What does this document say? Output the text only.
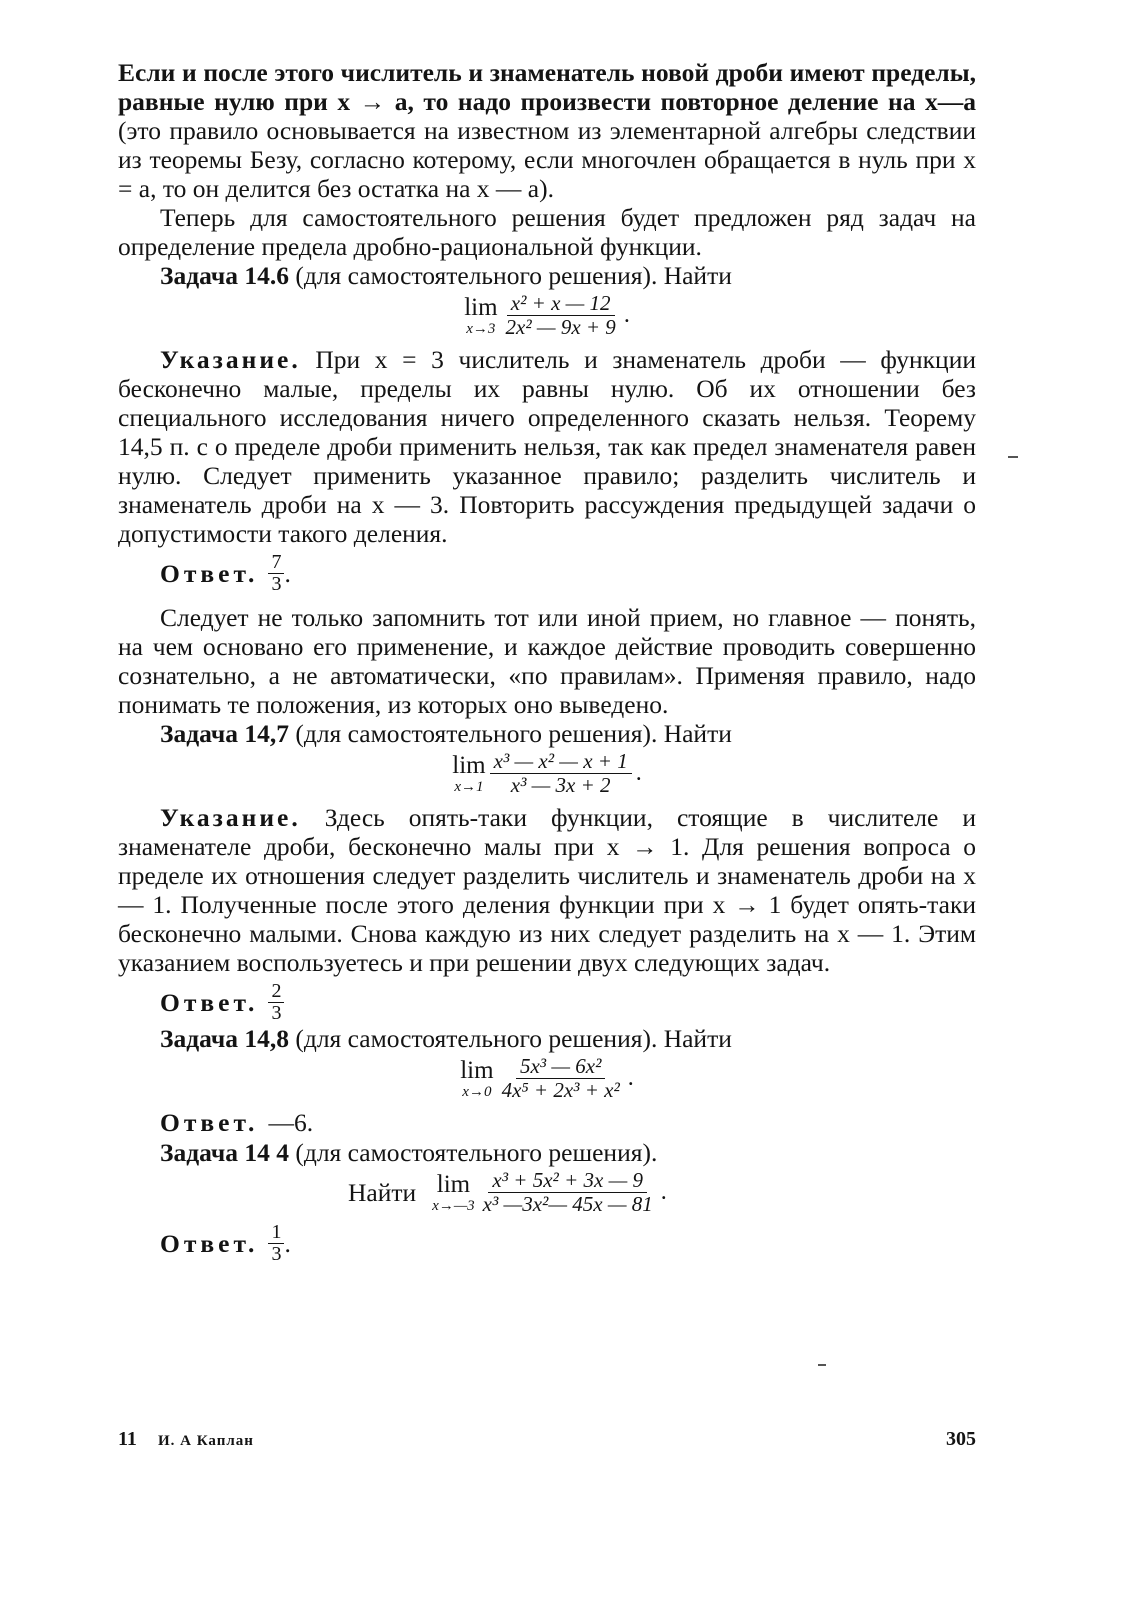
Если и после этого числитель и знаменатель новой дроби имеют пределы, равные нулю при x → a, то надо произвести повторное деление на x—a (это правило основывается на известном из элементарной алгебры следствии из теоремы Безу, согласно котерому, если многочлен обращается в нуль при x = a, то он делится без остатка на x — a).

Теперь для самостоятельного решения будет предложен ряд задач на определение предела дробно-рациональной функции.

Задача 14.6 (для самостоятельного решения). Найти

lim
$x\to 3 \frac{\text{x² + x — 12}}{\text{2x² — 9x + 9}}$ .

Указание. При x = 3 числитель и знаменатель дроби — функции бесконечно малые, пределы их равны нулю. Об их отношении без специального исследования ничего определенного сказать нельзя. Теорему 14,5 п. c о пределе дроби применить нельзя, так как предел знаменателя равен нулю. Следует применить указанное правило; разделить числитель и знаменатель дроби на x — 3. Повторить рассуждения предыдущей задачи о допустимости такого деления.

Ответ. $\frac{7}{3}$ .

Следует не только запомнить тот или иной прием, но главное — понять, на чем основано его применение, и каждое действие проводить совершенно сознательно, а не автоматически, «по правилам». Применяя правило, надо понимать те положения, из которых оно выведено.

Задача 14,7 (для самостоятельного решения). Найти

lim
$x\to 1 \frac{\text{x³ — x² — x + 1}}{\text{x³ — 3x + 2}}$ .

Указание. Здесь опять-таки функции, стоящие в числителе и знаменателе дроби, бесконечно малы при x → 1. Для решения вопроса о пределе их отношения следует разделить числитель и знаменатель дроби на x — 1. Полученные после этого деления функции при x → 1 будет опять-таки бесконечно малыми. Снова каждую из них следует разделить на x — 1. Этим указанием воспользуетесь и при решении двух следующих задач.

Ответ. $\frac{2}{3}$

Задача 14,8 (для самостоятельного решения). Найти

lim
$x\to 0 \frac{\text{5x³ — 6x²}}{\text{4x⁵ + 2x³ + x²}}$ .
Ответ. —6.

Задача 14 4 (для самостоятельного решения).

Найти lim
x→—3 $\frac{\text{x³ + 5x² + 3x — 9}}{\text{x³ —3x²— 45x — 81}}$ .
Ответ. $\frac{1}{3}$ .
11	И. А Каплан	305
